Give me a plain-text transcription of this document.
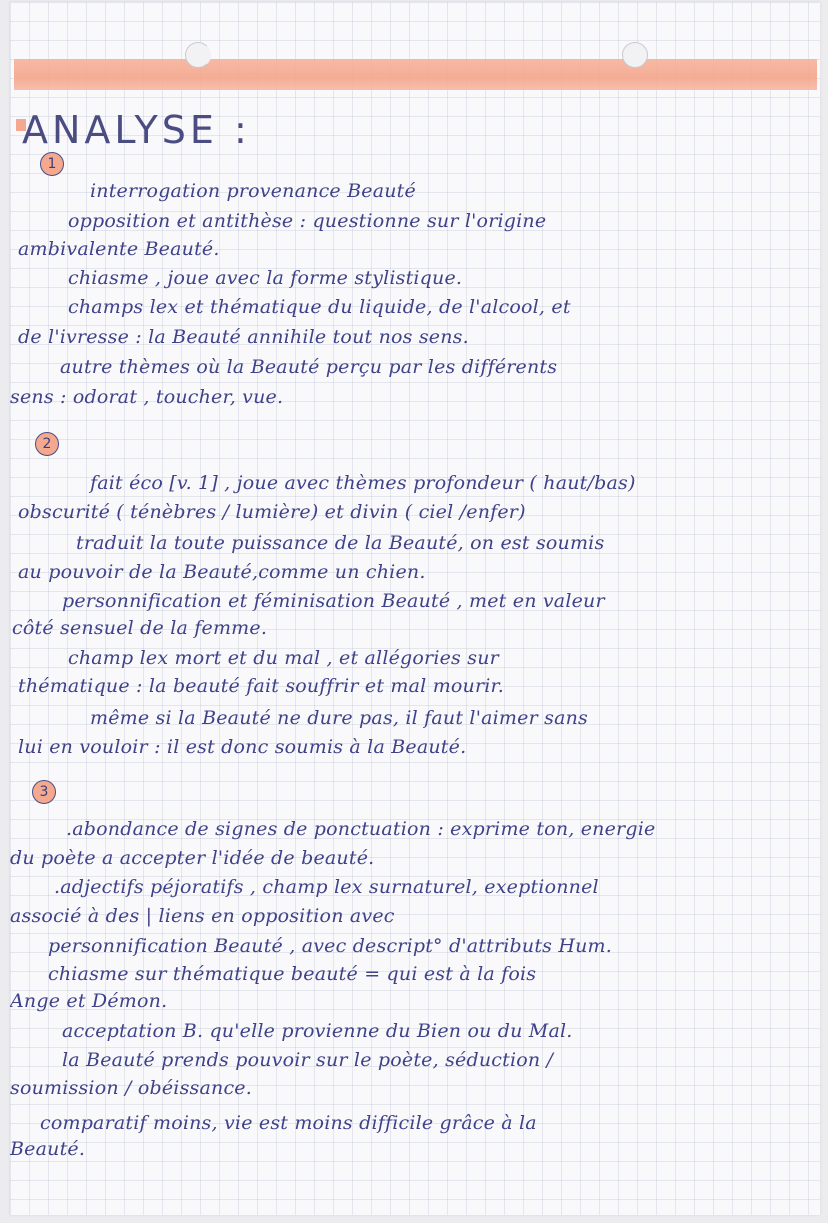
ANALYSE :
1
interrogation provenance Beauté
opposition et antithèse : questionne sur l'origine
ambivalente Beauté.
chiasme , joue avec la forme stylistique.
champs lex et thématique du liquide, de l'alcool, et
de l'ivresse : la Beauté annihile tout nos sens.
autre thèmes où la Beauté perçu par les différents
sens : odorat , toucher, vue.
2
fait éco [v. 1] , joue avec thèmes profondeur ( haut/bas)
obscurité ( ténèbres / lumière) et divin ( ciel /enfer)
traduit la toute puissance de la Beauté, on est soumis
au pouvoir de la Beauté,comme un chien.
personnification et féminisation Beauté , met en valeur
côté sensuel de la femme.
champ lex mort et du mal , et allégories sur
thématique : la beauté fait souffrir et mal mourir.
même si la Beauté ne dure pas, il faut l'aimer sans
lui en vouloir : il est donc soumis à la Beauté.
3
.abondance de signes de ponctuation : exprime ton, energie
du poète a accepter l'idée de beauté.
.adjectifs péjoratifs , champ lex surnaturel, exeptionnel
associé à des | liens en opposition avec
personnification Beauté , avec descript° d'attributs Hum.
chiasme sur thématique beauté = qui est à la fois
Ange et Démon.
acceptation B. qu'elle provienne du Bien ou du Mal.
la Beauté prends pouvoir sur le poète, séduction /
soumission / obéissance.
comparatif moins, vie est moins difficile grâce à la
Beauté.
